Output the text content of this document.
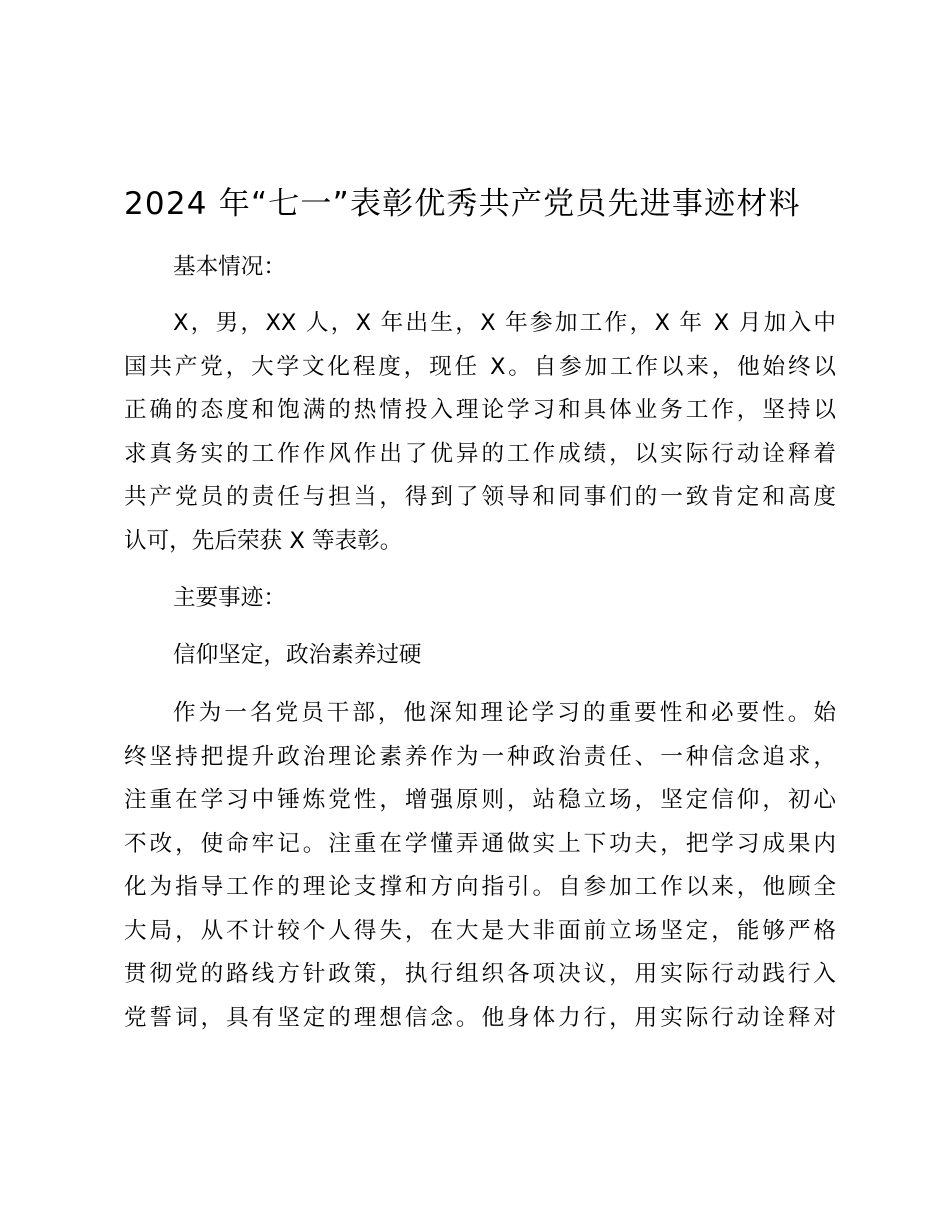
2024 年“七一”表彰优秀共产党员先进事迹材料

基本情况：

X，男，XX 人，X 年出生，X 年参加工作，X 年 X 月加入中
国共产党，大学文化程度，现任 X。自参加工作以来，他始终以
正确的态度和饱满的热情投入理论学习和具体业务工作，坚持以
求真务实的工作作风作出了优异的工作成绩，以实际行动诠释着
共产党员的责任与担当，得到了领导和同事们的一致肯定和高度
认可，先后荣获 X 等表彰。

主要事迹：

信仰坚定，政治素养过硬

作为一名党员干部，他深知理论学习的重要性和必要性。始
终坚持把提升政治理论素养作为一种政治责任、一种信念追求，
注重在学习中锤炼党性，增强原则，站稳立场，坚定信仰，初心
不改，使命牢记。注重在学懂弄通做实上下功夫，把学习成果内
化为指导工作的理论支撑和方向指引。自参加工作以来，他顾全
大局，从不计较个人得失，在大是大非面前立场坚定，能够严格
贯彻党的路线方针政策，执行组织各项决议，用实际行动践行入
党誓词，具有坚定的理想信念。他身体力行，用实际行动诠释对
